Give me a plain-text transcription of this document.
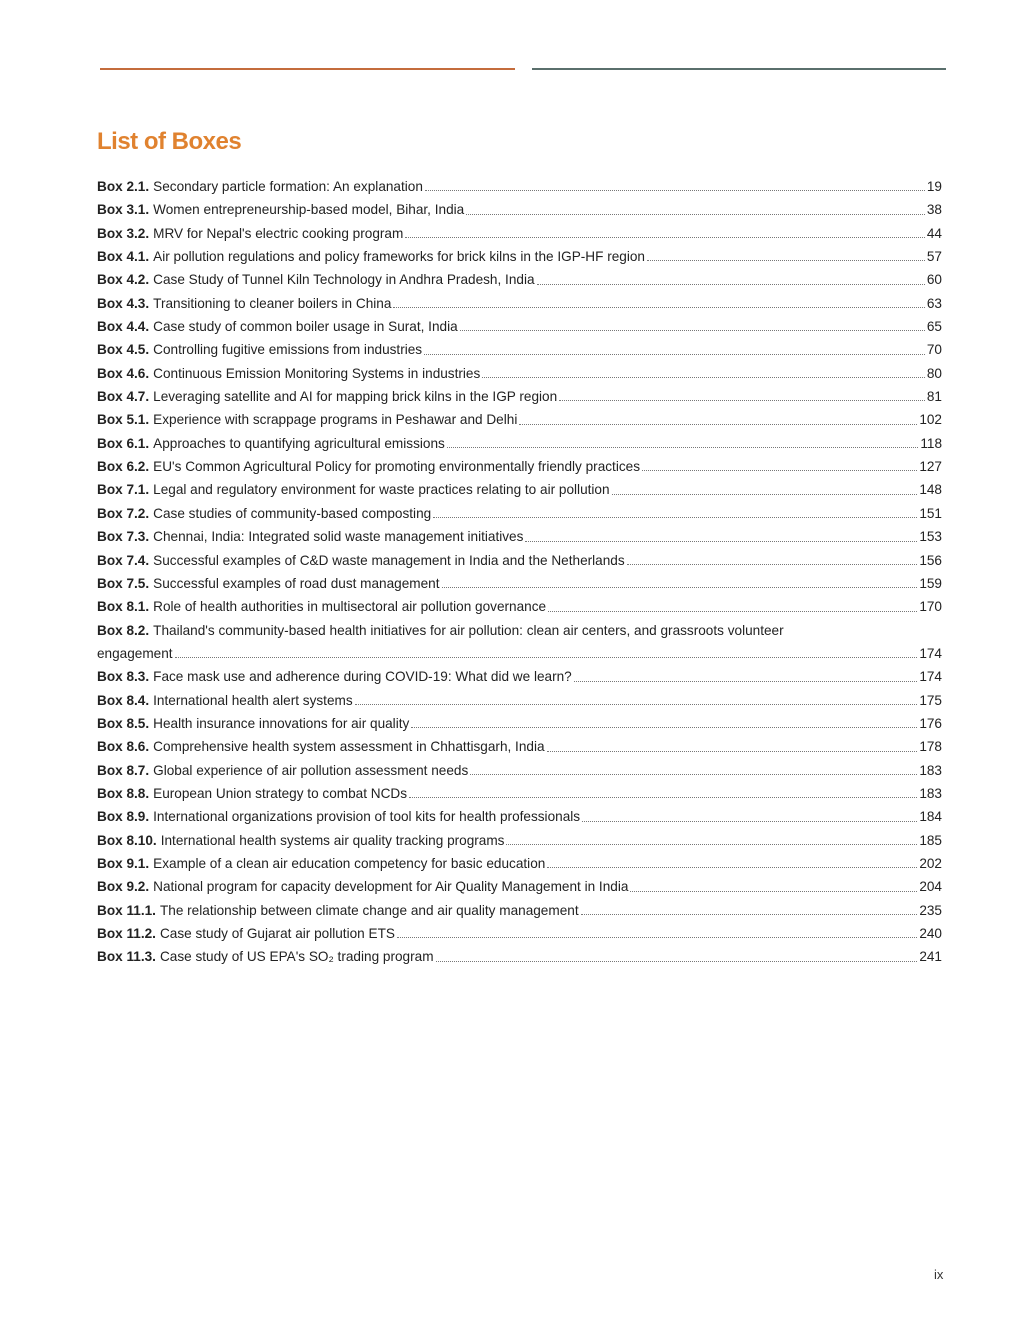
List of Boxes
Box 2.1. Secondary particle formation: An explanation	19
Box 3.1. Women entrepreneurship-based model, Bihar, India	38
Box 3.2. MRV for Nepal's electric cooking program	44
Box 4.1. Air pollution regulations and policy frameworks for brick kilns in the IGP-HF region	57
Box 4.2. Case Study of Tunnel Kiln Technology in Andhra Pradesh, India	60
Box 4.3. Transitioning to cleaner boilers in China	63
Box 4.4. Case study of common boiler usage in Surat, India	65
Box 4.5. Controlling fugitive emissions from industries	70
Box 4.6. Continuous Emission Monitoring Systems in industries	80
Box 4.7. Leveraging satellite and AI for mapping brick kilns in the IGP region	81
Box 5.1. Experience with scrappage programs in Peshawar and Delhi	102
Box 6.1. Approaches to quantifying agricultural emissions	118
Box 6.2. EU's Common Agricultural Policy for promoting environmentally friendly practices	127
Box 7.1. Legal and regulatory environment for waste practices relating to air pollution	148
Box 7.2. Case studies of community-based composting	151
Box 7.3. Chennai, India: Integrated solid waste management initiatives	153
Box 7.4. Successful examples of C&D waste management in India and the Netherlands	156
Box 7.5. Successful examples of road dust management	159
Box 8.1. Role of health authorities in multisectoral air pollution governance	170
Box 8.2. Thailand's community-based health initiatives for air pollution: clean air centers, and grassroots volunteer
engagement	174
Box 8.3. Face mask use and adherence during COVID-19: What did we learn?	174
Box 8.4. International health alert systems	175
Box 8.5. Health insurance innovations for air quality	176
Box 8.6. Comprehensive health system assessment in Chhattisgarh, India	178
Box 8.7. Global experience of air pollution assessment needs	183
Box 8.8. European Union strategy to combat NCDs	183
Box 8.9. International organizations provision of tool kits for health professionals	184
Box 8.10. International health systems air quality tracking programs	185
Box 9.1. Example of a clean air education competency for basic education	202
Box 9.2. National program for capacity development for Air Quality Management in India	204
Box 11.1. The relationship between climate change and air quality management	235
Box 11.2. Case study of Gujarat air pollution ETS	240
Box 11.3. Case study of US EPA's SO₂ trading program	241
ix
